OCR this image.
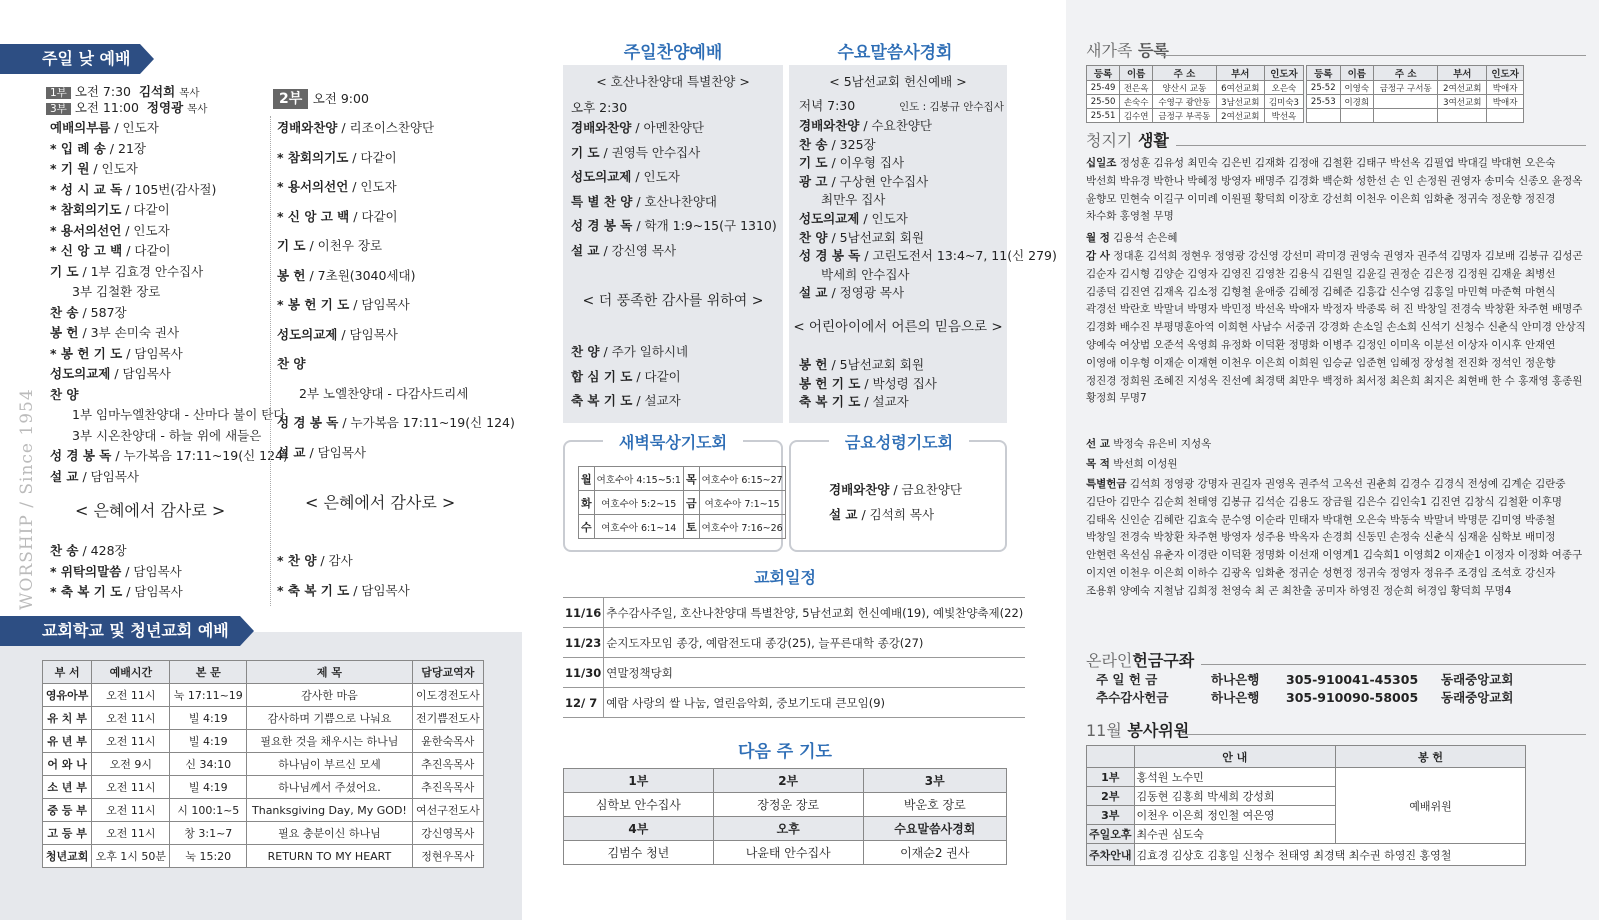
주일 낮 예배
1부 오전 7:30 김석희 목사
3부 오전 11:00 정영광 목사
예배의부름 / 인도자
* 입 례 송 / 21장
* 기 원 / 인도자
* 성 시 교 독 / 105번(감사절)
* 참회의기도 / 다같이
* 용서의선언 / 인도자
* 신 앙 고 백 / 다같이
기 도 / 1부 김효경 안수집사
3부 김철환 장로
찬 송 / 587장
봉 헌 / 3부 손미숙 권사
* 봉 헌 기 도 / 담임목사
성도의교제 / 담임목사
찬 양
1부 임마누엘찬양대 - 산마다 불이 탄다
3부 시온찬양대 - 하늘 위에 새들은
성 경 봉 독 / 누가복음 17:11~19(신 124)
설 교 / 담임목사
< 은혜에서 감사로 >
찬 송 / 428장
* 위탁의말씀 / 담임목사
* 축 복 기 도 / 담임목사
2부 오전 9:00
경배와찬양 / 리조이스찬양단
* 참회의기도 / 다같이
* 용서의선언 / 인도자
* 신 앙 고 백 / 다같이
기 도 / 이천우 장로
봉 헌 / 7초원(3040세대)
* 봉 헌 기 도 / 담임목사
성도의교제 / 담임목사
찬 양
2부 노엘찬양대 - 다감사드리세
성 경 봉 독 / 누가복음 17:11~19(신 124)
설 교 / 담임목사
< 은혜에서 감사로 >
* 찬 양 / 감사
* 축 복 기 도 / 담임목사
WORSHIP / Since 1954
교회학교 및 청년교회 예배
부 서	예배시간	본 문	제 목	담당교역자
영유아부	오전 11시	눅 17:11~19	감사한 마음	이도경전도사
유 치 부	오전 11시	빌 4:19	감사하며 기쁨으로 나눠요	전기쁨전도사
유 년 부	오전 11시	빌 4:19	필요한 것을 채우시는 하나님	윤한숙목사
어 와 나	오전 9시	신 34:10	하나님이 부르신 모세	추진옥목사
소 년 부	오전 11시	빌 4:19	하나님께서 주셨어요.	추진옥목사
중 등 부	오전 11시	시 100:1~5	Thanksgiving Day, My GOD!	여선구전도사
고 등 부	오전 11시	창 3:1~7	필요 충분이신 하나님	강신영목사
청년교회	오후 1시 50분	눅 15:20	RETURN TO MY HEART	정현우목사
주일찬양예배	수요말씀사경회
< 호산나찬양대 특별찬양 >
오후 2:30
경배와찬양 / 아멘찬양단
기 도 / 권영득 안수집사
성도의교제 / 인도자
특 별 찬 양 / 호산나찬양대
성 경 봉 독 / 학개 1:9~15(구 1310)
설 교 / 강신영 목사
< 더 풍족한 감사를 위하여 >
찬 양 / 주가 일하시네
합 심 기 도 / 다같이
축 복 기 도 / 설교자
< 5남선교회 헌신예배 >
저녁 7:30	인도 : 김봉규 안수집사
경배와찬양 / 수요찬양단
찬 송 / 325장
기 도 / 이우형 집사
광 고 / 구상현 안수집사
최만우 집사
성도의교제 / 인도자
찬 양 / 5남선교회 회원
성 경 봉 독 / 고린도전서 13:4~7, 11(신 279)
박세희 안수집사
설 교 / 정영광 목사
< 어린아이에서 어른의 믿음으로 >
봉 헌 / 5남선교회 회원
봉 헌 기 도 / 박성령 집사
축 복 기 도 / 설교자
새벽묵상기도회
월	여호수아 4:15~5:1	목	여호수아 6:15~27
화	여호수아 5:2~15	금	여호수아 7:1~15
수	여호수아 6:1~14	토	여호수아 7:16~26
금요성령기도회
경배와찬양 / 금요찬양단
설 교 / 김석희 목사
교회일정
11/16	추수감사주일, 호산나찬양대 특별찬양, 5남선교회 헌신예배(19), 예빛찬양축제(22)
11/23	순지도자모임 종강, 예람전도대 종강(25), 늘푸른대학 종강(27)
11/30	연말정책당회
12/ 7	예람 사랑의 쌀 나눔, 열린음악회, 중보기도대 큰모임(9)
다음 주 기도
1부	2부	3부
심학보 안수집사	장정운 장로	박운호 장로
4부	오후	수요말씀사경회
김범수 청년	나윤태 안수집사	이재순2 권사
새가족 등록
등록	이름	주 소	부서	인도자
25-49	전은옥	양산시 교동	6여선교회	오은숙
25-50	손숙수	수영구 광안동	3남선교회	김미숙3
25-51	김수연	금정구 부곡동	2여선교회	박선옥
등록	이름	주 소	부서	인도자
25-52	이영숙	금정구 구서동	2여선교회	박애자
25-53	이경희		3여선교회	박애자

청지기 생활
십일조 정성훈 김유성 최민숙 김은빈 김재화 김정애 김철환 김태구 박선옥 김필엽 박대길 박대현 오은숙 박선희 박유경 박한나 박혜정 방영자 배명주 김경화 백순화 성한선 손 인 손정원 권영자 송미숙 신종오 윤정옥 윤향모 민현숙 이길구 이미례 이원필 황덕희 이장호 강선희 이천우 이은희 임화춘 정귀숙 정운향 정진경 차수화 홍영철 무명
월 정 김용석 손은혜
감 사 정대훈 김석희 정현우 정영광 강신영 강선미 곽미경 권영숙 권영자 권주석 김명자 김보배 김봉규 김성곤 김순자 김시형 김양순 김영자 김영진 김영찬 김용식 김원일 김윤길 권정순 김은정 김정원 김재윤 최병선 김종덕 김진연 김재옥 김소정 김형철 윤애중 김혜정 김혜준 김흥갑 신수영 김홍일 마민혁 마준혁 마현식 곽경선 박란호 박말녀 박명자 박민정 박선옥 박애자 박정자 박종록 허 진 박창일 전경숙 박창환 차주현 배명주 김경화 배수진 부평명훈아역 이희현 사남수 서중귀 강경화 손소일 손소희 신석기 신청수 신춘식 안미경 안상직 양예숙 여상범 오준석 옥영희 유정화 이덕환 정명화 이병주 김정인 이미옥 이분선 이상자 이시후 안재연 이영애 이우형 이재순 이재현 이천우 이은희 이희원 임승균 임준현 임혜정 장성철 전진화 정석인 정운향 정진경 정희원 조혜진 지성옥 진선예 최경택 최만우 백정하 최서정 최은희 최지은 최현배 한 수 홍재영 홍종원 황정희 무명7
선 교 박정숙 유은비 지성옥
목 적 박선희 이성원
특별헌금 김석희 정영광 강명자 권길자 권영옥 권주석 고옥선 권춘희 김경수 김경식 전성예 김계순 김란중 김단아 김만수 김순희 천태영 김봉규 김석순 김용도 장금월 김은수 김인숙1 김진연 김창식 김철환 이후명 김태옥 신인순 김혜란 김효숙 문수영 이순라 민태자 박대현 오은숙 박동숙 박말녀 박명문 김미영 박종철 박창일 전경숙 박창환 차주현 방영자 성주용 박옥자 손경희 신동민 손정숙 신춘식 심재윤 심학보 배미정 안현련 옥선심 유춘자 이경란 이덕환 정명화 이선재 이영계1 김숙희1 이영희2 이재순1 이정자 이정화 여종구 이지연 이천우 이은희 이하수 김광옥 임화춘 정귀순 성현정 정귀숙 정영자 정유주 조경임 조석호 강신자 조용휘 양예숙 지철남 김희정 천영숙 최 곤 최찬출 공미자 하영진 정순희 허경임 황덕희 무명4
온라인헌금구좌
주 일 헌 금	하나은행 305-910041-45305 동래중앙교회
추수감사헌금	하나은행 305-910090-58005 동래중앙교회
11월 봉사위원
	안 내	봉 헌
1부	홍석원 노수민	예배위원
2부	김동현 김홍희 박세희 강성희	
3부	이천우 이은희 정인철 여은영	
주일오후	최수권 심도숙	
주차안내	김효경 김상호 김홍일 신청수 천태영 최경택 최수권 하영진 홍영철	
